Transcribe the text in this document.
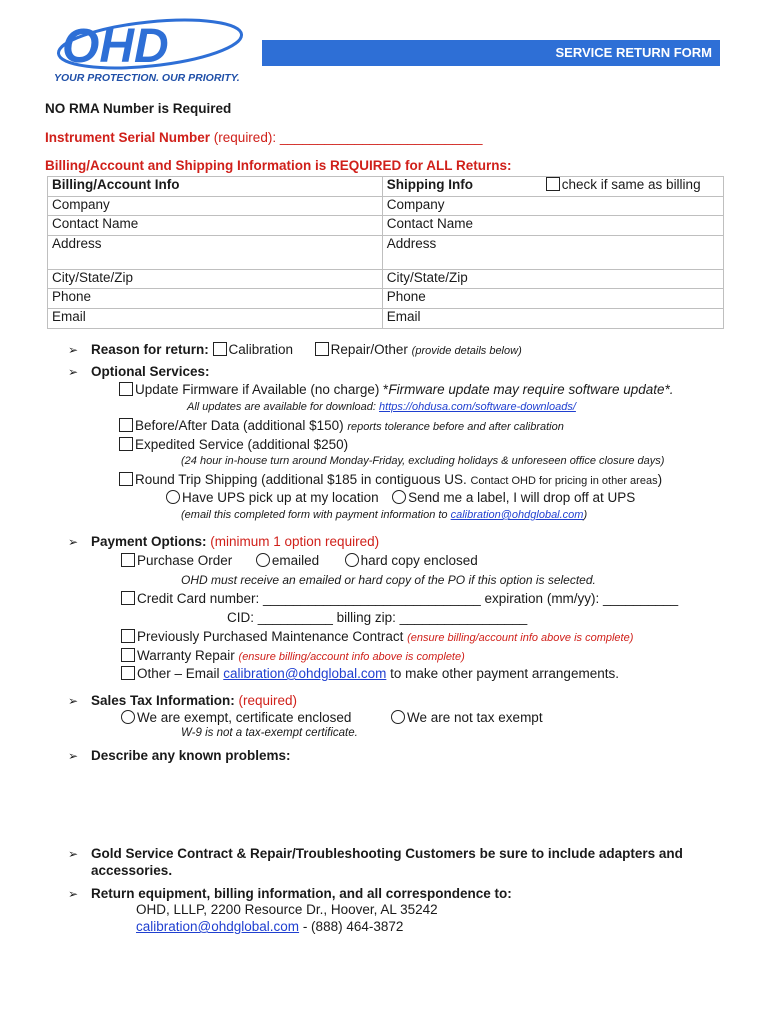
OHD
YOUR PROTECTION. OUR PRIORITY.
SERVICE RETURN FORM
NO RMA Number is Required
Instrument Serial Number (required): ___________________________
Billing/Account and Shipping Information is REQUIRED for ALL Returns:
Billing/Account Info	Shipping Info check if same as billing

Company	Company
Contact Name	Contact Name
Address	Address
City/State/Zip	City/State/Zip
Phone	Phone
Email	Email
➢ Reason for return: Calibration	Repair/Other (provide details below)
➢ Optional Services:
Update Firmware if Available (no charge) *Firmware update may require software update*.
All updates are available for download: https://ohdusa.com/software-downloads/
Before/After Data (additional $150) reports tolerance before and after calibration
Expedited Service (additional $250)
(24 hour in-house turn around Monday-Friday, excluding holidays & unforeseen office closure days)
Round Trip Shipping (additional $185 in contiguous US. Contact OHD for pricing in other areas)
Have UPS pick up at my location Send me a label, I will drop off at UPS
(email this completed form with payment information to calibration@ohdglobal.com)
➢ Payment Options: (minimum 1 option required)
Purchase Order	emailed	hard copy enclosed
OHD must receive an emailed or hard copy of the PO if this option is selected.
Credit Card number: _____________________________ expiration (mm/yy): __________
CID: __________ billing zip: _________________
Previously Purchased Maintenance Contract (ensure billing/account info above is complete)
Warranty Repair (ensure billing/account info above is complete)
Other – Email calibration@ohdglobal.com to make other payment arrangements.
➢ Sales Tax Information: (required)
We are exempt, certificate enclosed	We are not tax exempt
W-9 is not a tax-exempt certificate.
➢ Describe any known problems:
➢ Gold Service Contract & Repair/Troubleshooting Customers be sure to include adapters and
accessories.
➢ Return equipment, billing information, and all correspondence to:
OHD, LLLP, 2200 Resource Dr., Hoover, AL 35242
calibration@ohdglobal.com - (888) 464-3872
